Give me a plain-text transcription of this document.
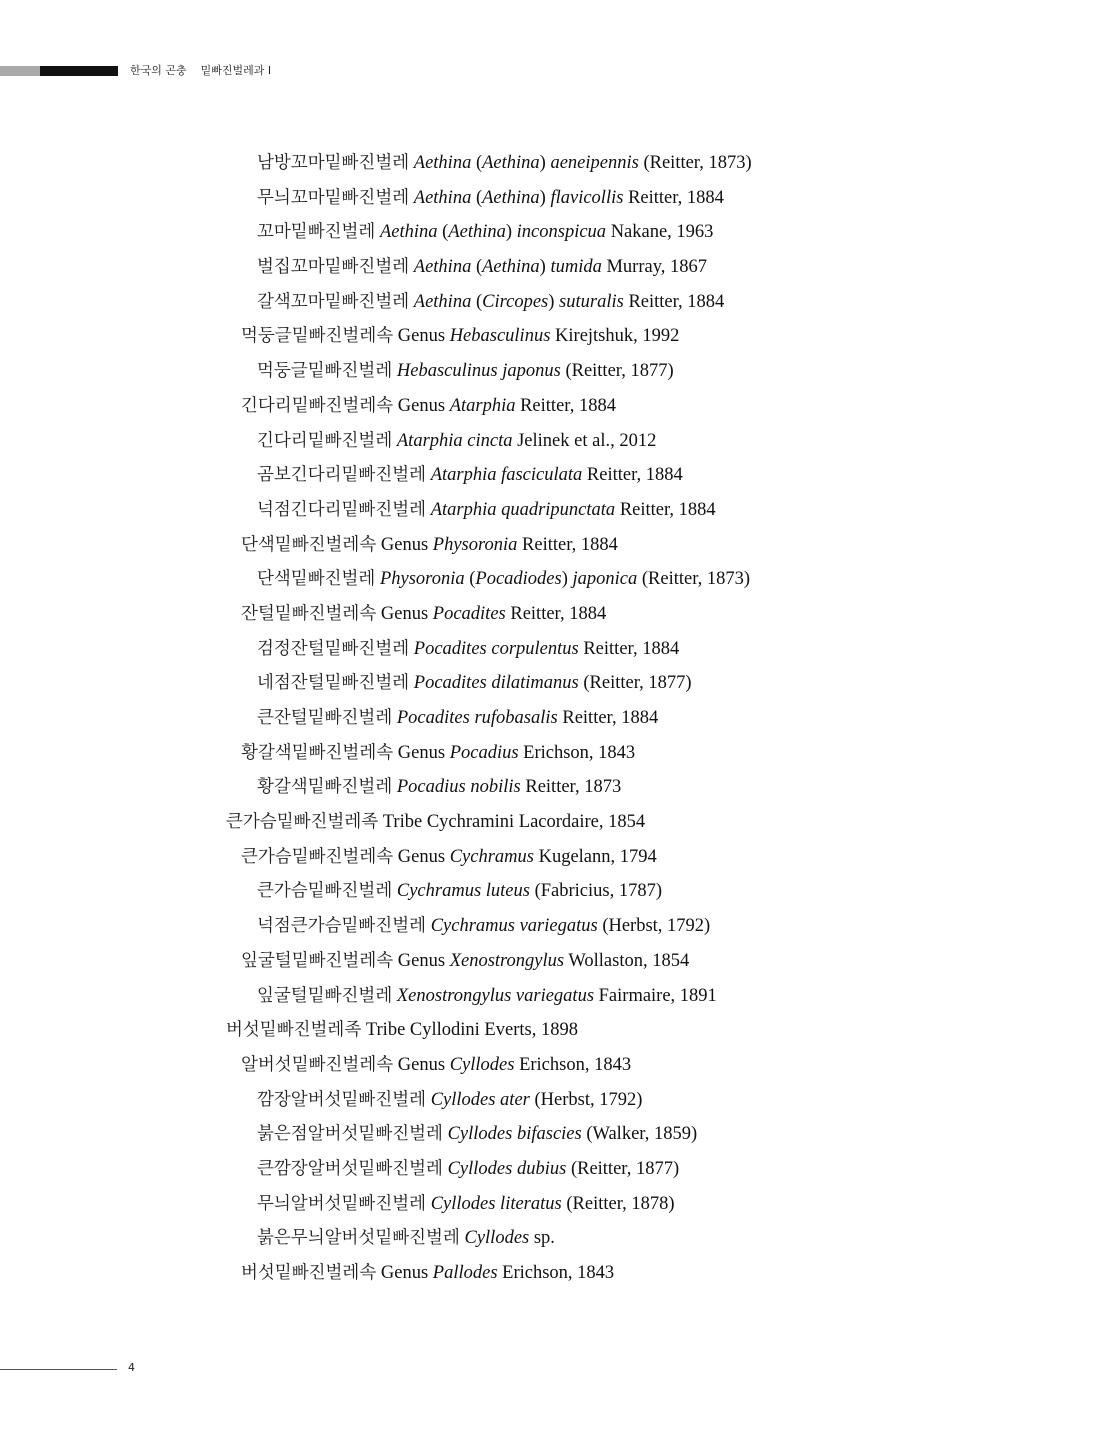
한국의 곤충 밑빠진벌레과 I
남방꼬마밑빠진벌레 Aethina (Aethina) aeneipennis (Reitter, 1873)
무늬꼬마밑빠진벌레 Aethina (Aethina) flavicollis Reitter, 1884
꼬마밑빠진벌레 Aethina (Aethina) inconspicua Nakane, 1963
벌집꼬마밑빠진벌레 Aethina (Aethina) tumida Murray, 1867
갈색꼬마밑빠진벌레 Aethina (Circopes) suturalis Reitter, 1884
먹둥글밑빠진벌레속 Genus Hebasculinus Kirejtshuk, 1992
먹둥글밑빠진벌레 Hebasculinus japonus (Reitter, 1877)
긴다리밑빠진벌레속 Genus Atarphia Reitter, 1884
긴다리밑빠진벌레 Atarphia cincta Jelinek et al., 2012
곰보긴다리밑빠진벌레 Atarphia fasciculata Reitter, 1884
넉점긴다리밑빠진벌레 Atarphia quadripunctata Reitter, 1884
단색밑빠진벌레속 Genus Physoronia Reitter, 1884
단색밑빠진벌레 Physoronia (Pocadiodes) japonica (Reitter, 1873)
잔털밑빠진벌레속 Genus Pocadites Reitter, 1884
검정잔털밑빠진벌레 Pocadites corpulentus Reitter, 1884
네점잔털밑빠진벌레 Pocadites dilatimanus (Reitter, 1877)
큰잔털밑빠진벌레 Pocadites rufobasalis Reitter, 1884
황갈색밑빠진벌레속 Genus Pocadius Erichson, 1843
황갈색밑빠진벌레 Pocadius nobilis Reitter, 1873
큰가슴밑빠진벌레족 Tribe Cychramini Lacordaire, 1854
큰가슴밑빠진벌레속 Genus Cychramus Kugelann, 1794
큰가슴밑빠진벌레 Cychramus luteus (Fabricius, 1787)
넉점큰가슴밑빠진벌레 Cychramus variegatus (Herbst, 1792)
잎굴털밑빠진벌레속 Genus Xenostrongylus Wollaston, 1854
잎굴털밑빠진벌레 Xenostrongylus variegatus Fairmaire, 1891
버섯밑빠진벌레족 Tribe Cyllodini Everts, 1898
알버섯밑빠진벌레속 Genus Cyllodes Erichson, 1843
깜장알버섯밑빠진벌레 Cyllodes ater (Herbst, 1792)
붉은점알버섯밑빠진벌레 Cyllodes bifascies (Walker, 1859)
큰깜장알버섯밑빠진벌레 Cyllodes dubius (Reitter, 1877)
무늬알버섯밑빠진벌레 Cyllodes literatus (Reitter, 1878)
붉은무늬알버섯밑빠진벌레 Cyllodes sp.
버섯밑빠진벌레속 Genus Pallodes Erichson, 1843
4
